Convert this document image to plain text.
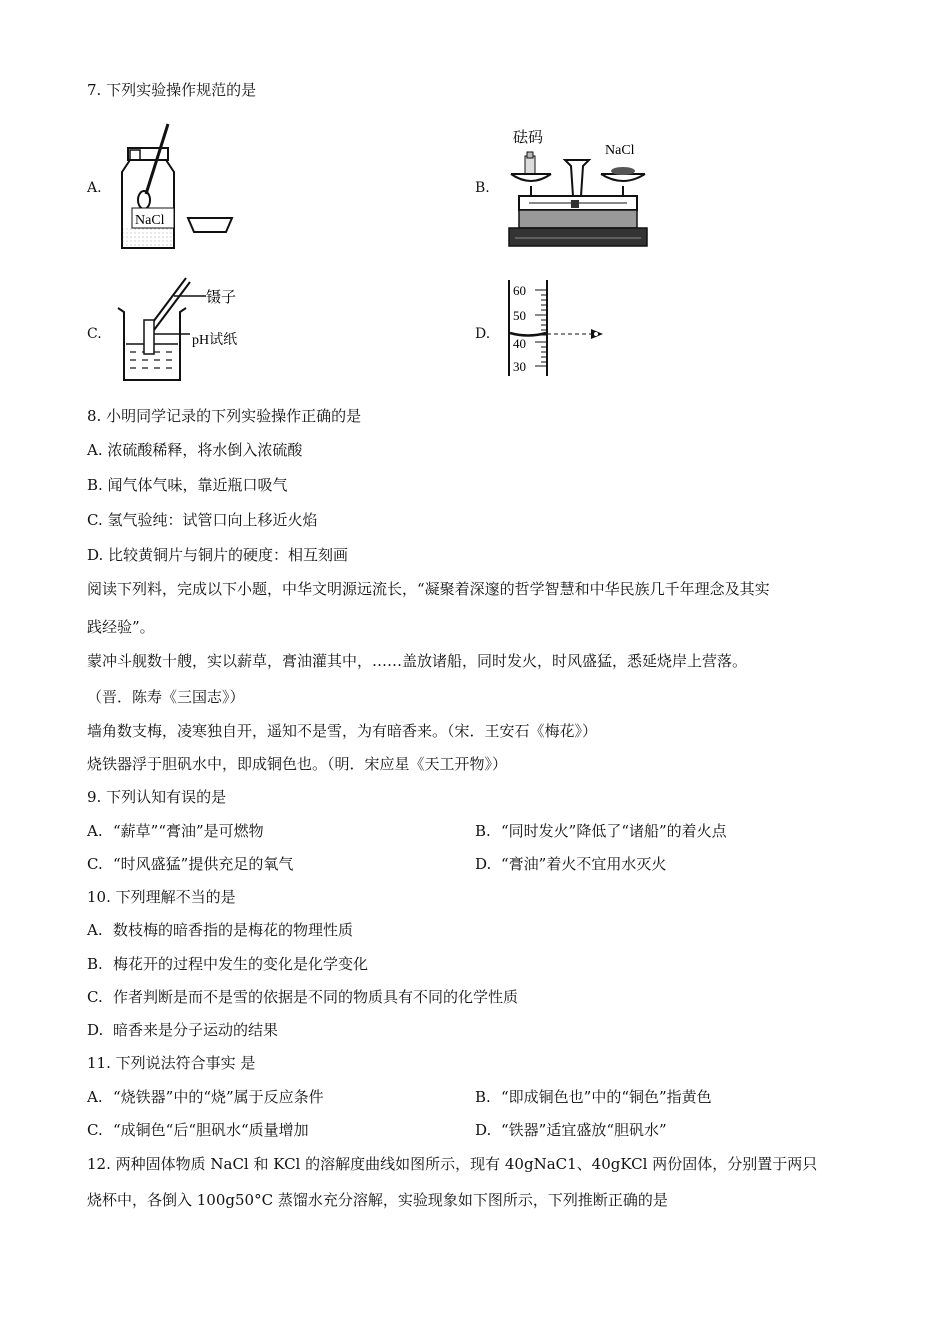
7. 下列实验操作规范的是
A.
NaCl
B.
砝码
NaCl
C.
镊子
pH试纸	D.
60
50
40
30
8. 小明同学记录的下列实验操作正确的是
A. 浓硫酸稀释，将水倒入浓硫酸
B. 闻气体气味，靠近瓶口吸气
C. 氢气验纯：试管口向上移近火焰
D. 比较黄铜片与铜片的硬度：相互刻画
阅读下列料，完成以下小题，中华文明源远流长，“凝聚着深邃的哲学智慧和中华民族几千年理念及其实
践经验”。
蒙冲斗舰数十艘，实以薪草，膏油灌其中，……盖放诸船，同时发火，时风盛猛，悉延烧岸上营落。
（晋．陈寿《三国志》）
墙角数支梅，凌寒独自开，遥知不是雪，为有暗香来。（宋．王安石《梅花》）
烧铁器浮于胆矾水中，即成铜色也。（明．宋应星《天工开物》）
9. 下列认知有误的是
A. “薪草”“膏油”是可燃物	B. “同时发火”降低了“诸船”的着火点
C. “时风盛猛”提供充足的氧气	D. “膏油”着火不宜用水灭火
10. 下列理解不当的是
A. 数枝梅的暗香指的是梅花的物理性质
B. 梅花开的过程中发生的变化是化学变化
C. 作者判断是而不是雪的依据是不同的物质具有不同的化学性质
D. 暗香来是分子运动的结果
11. 下列说法符合事实 是
A. “烧铁器”中的“烧”属于反应条件	B. “即成铜色也”中的“铜色”指黄色
C. “成铜色“后“胆矾水“质量增加	D. “铁器”适宜盛放“胆矾水”
12. 两种固体物质 NaCl 和 KCl 的溶解度曲线如图所示，现有 40gNaC1、40gKCl 两份固体，分别置于两只
烧杯中，各倒入 100g50°C 蒸馏水充分溶解，实验现象如下图所示，下列推断正确的是
